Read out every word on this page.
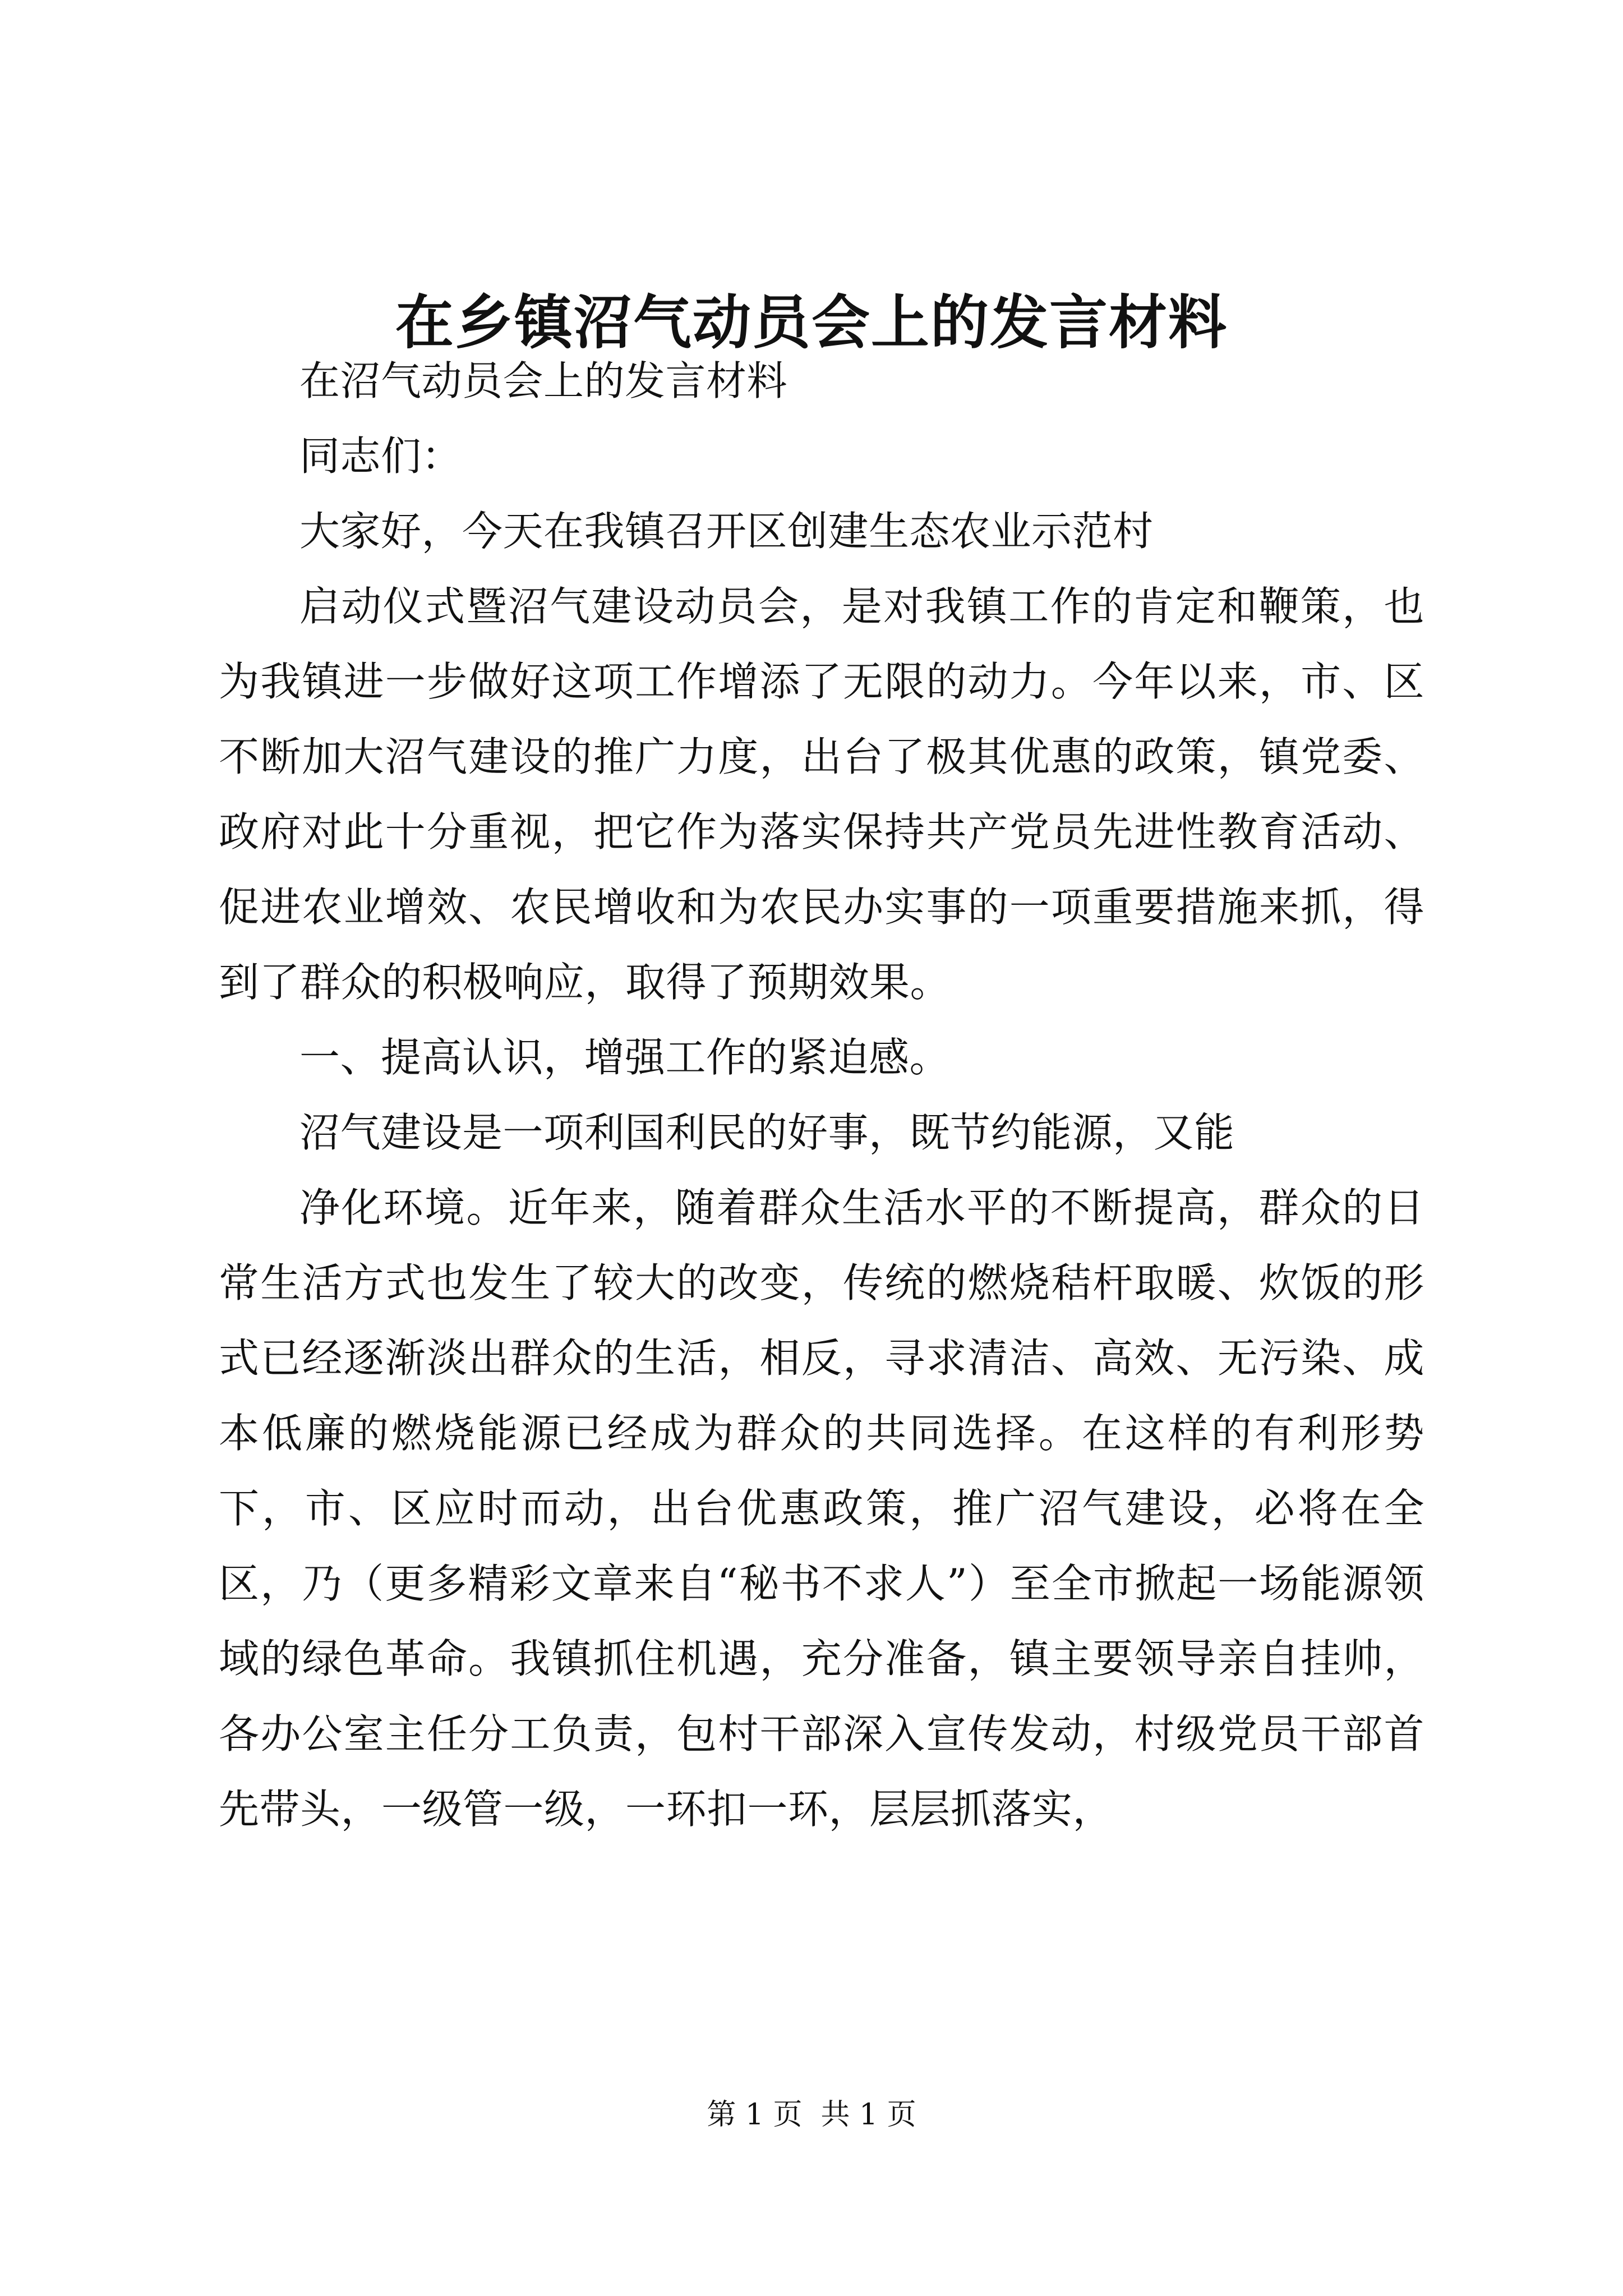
在乡镇沼气动员会上的发言材料

在沼气动员会上的发言材料

同志们：

大家好，今天在我镇召开区创建生态农业示范村

启动仪式暨沼气建设动员会，是对我镇工作的肯定和鞭策，也为我镇进一步做好这项工作增添了无限的动力。今年以来，市、区不断加大沼气建设的推广力度，出台了极其优惠的政策，镇党委、政府对此十分重视，把它作为落实保持共产党员先进性教育活动、促进农业增效、农民增收和为农民办实事的一项重要措施来抓，得到了群众的积极响应，取得了预期效果。

一、提高认识，增强工作的紧迫感。

沼气建设是一项利国利民的好事，既节约能源，又能

净化环境。近年来，随着群众生活水平的不断提高，群众的日常生活方式也发生了较大的改变，传统的燃烧秸杆取暖、炊饭的形式已经逐渐淡出群众的生活，相反，寻求清洁、高效、无污染、成本低廉的燃烧能源已经成为群众的共同选择。在这样的有利形势下，市、区应时而动，出台优惠政策，推广沼气建设，必将在全区，乃（更多精彩文章来自“秘书不求人”）至全市掀起一场能源领域的绿色革命。我镇抓住机遇，充分准备，镇主要领导亲自挂帅，各办公室主任分工负责，包村干部深入宣传发动，村级党员干部首先带头，一级管一级，一环扣一环，层层抓落实，

第 1 页  共 1 页
